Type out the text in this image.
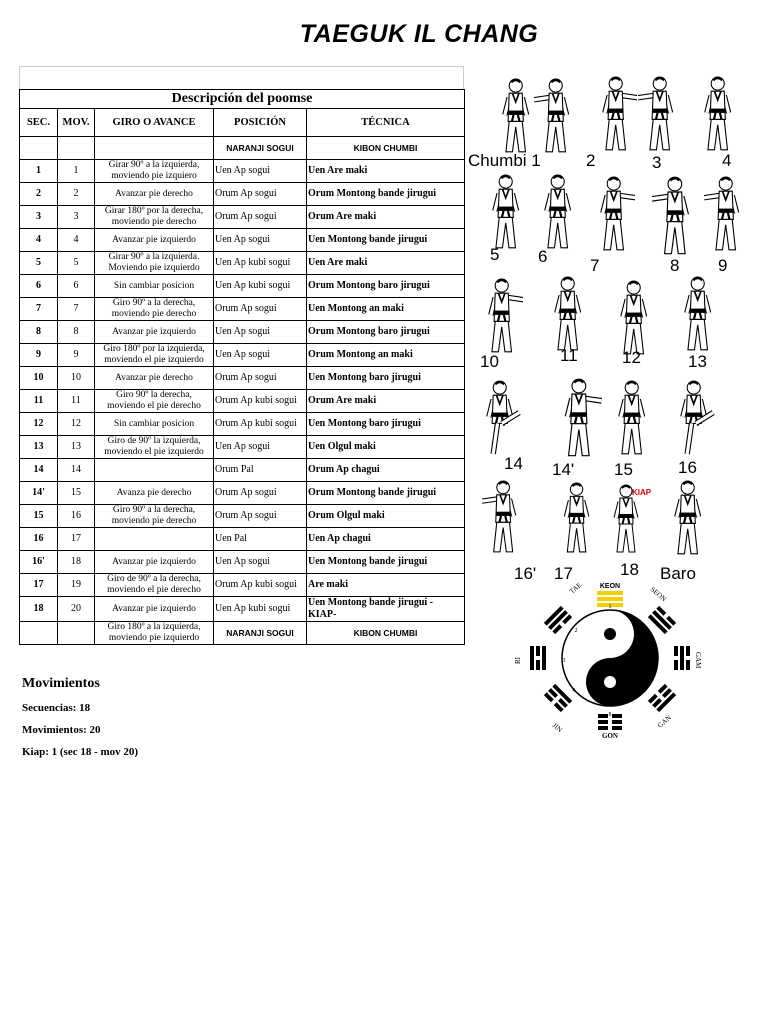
TAEGUK IL CHANG
Descripción del poomse				
SEC.	MOV.	GIRO O AVANCE	POSICIÓN	TÉCNICA
			NARANJI SOGUI	KIBON CHUMBI
1	1	Girar 90º a la izquierda, moviendo pie izquiero	Uen Ap sogui	Uen Are maki
2	2	Avanzar pie derecho	Orum Ap sogui	Orum Montong bande jirugui
3	3	Girar 180º por la derecha, moviendo pie derecho	Orum Ap sogui	Orum Are maki
4	4	Avanzar pie izquierdo	Uen Ap sogui	Uen Montong bande jirugui
5	5	Girar 90º a la izquierda. Moviendo pie izquierdo	Uen Ap kubi sogui	Uen Are maki
6	6	Sin cambiar posicion	Uen Ap kubi sogui	Orum Montong baro jirugui
7	7	Giro 90º a la derecha, moviendo pie derecho	Orum Ap sogui	Uen Montong an maki
8	8	Avanzar pie izquierdo	Uen Ap sogui	Orum Montong baro jirugui
9	9	Giro 180º por la izquierda, moviendo el pie izquierdo	Uen Ap sogui	Orum Montong an maki
10	10	Avanzar pie derecho	Orum Ap sogui	Uen Montong baro jirugui
11	11	Giro 90º la derecha, moviendo el pie derecho	Orum Ap kubi sogui	Orum Are maki
12	12	Sin cambiar posicion	Orum Ap kubi sogui	Uen Montong baro jirugui
13	13	Giro de 90º la izquierda, moviendo el pie izquierdo	Uen Ap sogui	Uen Olgul maki
14	14		Orum Pal	Orum Ap chagui
14'	15	Avanza pie derecho	Orum Ap sogui	Orum Montong bande jirugui
15	16	Giro 90º a la derecha, moviendo pie derecho	Orum Ap sogui	Orum Olgul maki
16	17		Uen Pal	Uen Ap chagui
16'	18	Avanzar pie izquierdo	Uen Ap sogui	Uen Montong bande jirugui
17	19	Giro de 90º a la derecha, moviendo el pie derecho	Orum Ap kubi sogui	Are maki
18	20	Avanzar pie izquierdo	Uen Ap kubi sogui	Uen Montong bande jirugui - KIAP-
		Giro 180º a la izquierda, moviendo pie izquierdo	NARANJI SOGUI	KIBON CHUMBI
Movimientos
Secuencias: 18
Movimientos: 20
Kiap: 1 (sec 18 - mov 20)
Chumbi 1	2	3	4
5 6	7	8 9
10	11	12	13
14 14' 15	16
16' 17	18 Baro
KIAP
KEON
TAE	SEON
RI	GAM
JIN	GAN
GON
1
2
3
4
5
6
7
8
